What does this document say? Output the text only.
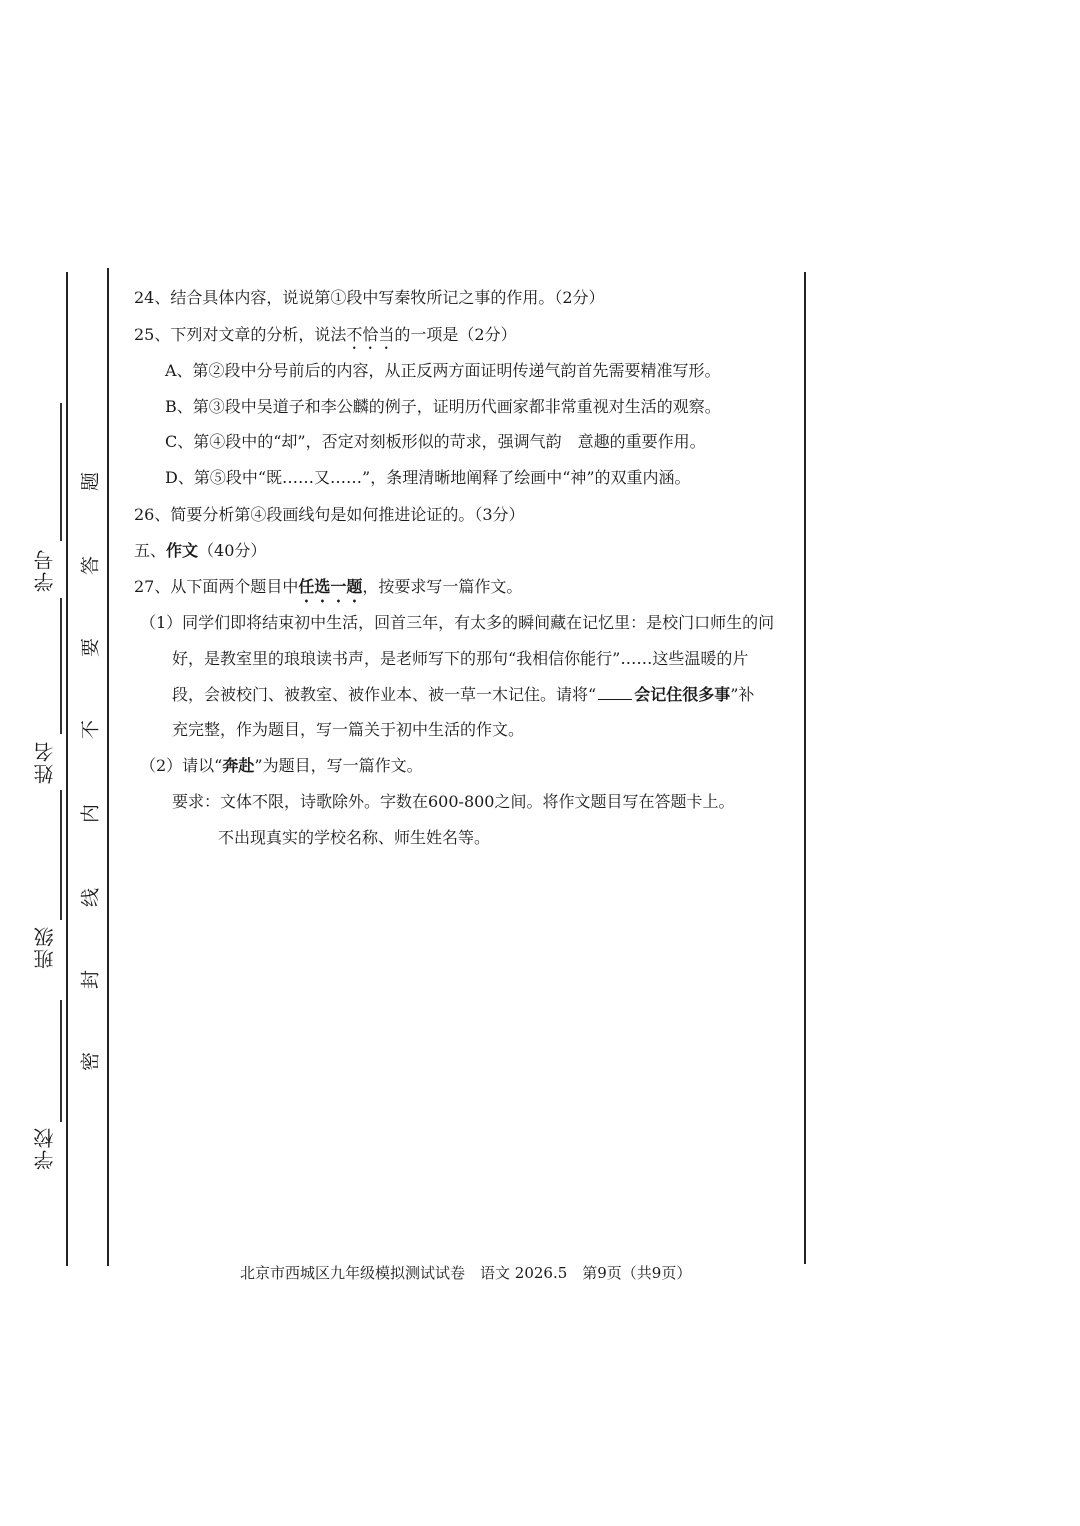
学校
班级
姓名
学号
题
答
要
不
内
线
封
密
24、结合具体内容，说说第①段中写秦牧所记之事的作用。（2分）
25、下列对文章的分析，说法不恰当的一项是（2分）
A、第②段中分号前后的内容，从正反两方面证明传递气韵首先需要精准写形。
B、第③段中吴道子和李公麟的例子，证明历代画家都非常重视对生活的观察。
C、第④段中的“却”，否定对刻板形似的苛求，强调气韵　意趣的重要作用。
D、第⑤段中“既……又……”，条理清晰地阐释了绘画中“神”的双重内涵。
26、简要分析第④段画线句是如何推进论证的。（3分）
五、作文（40分）
27、从下面两个题目中任选一题，按要求写一篇作文。
（1）同学们即将结束初中生活，回首三年，有太多的瞬间藏在记忆里：是校门口师生的问
好，是教室里的琅琅读书声，是老师写下的那句“我相信你能行”……这些温暖的片
段，会被校门、被教室、被作业本、被一草一木记住。请将“ 会记住很多事”补
充完整，作为题目，写一篇关于初中生活的作文。
（2）请以“奔赴”为题目，写一篇作文。
要求：文体不限，诗歌除外。字数在600-800之间。将作文题目写在答题卡上。
不出现真实的学校名称、师生姓名等。
北京市西城区九年级模拟测试试卷　语文 2026.5　第9页（共9页）
